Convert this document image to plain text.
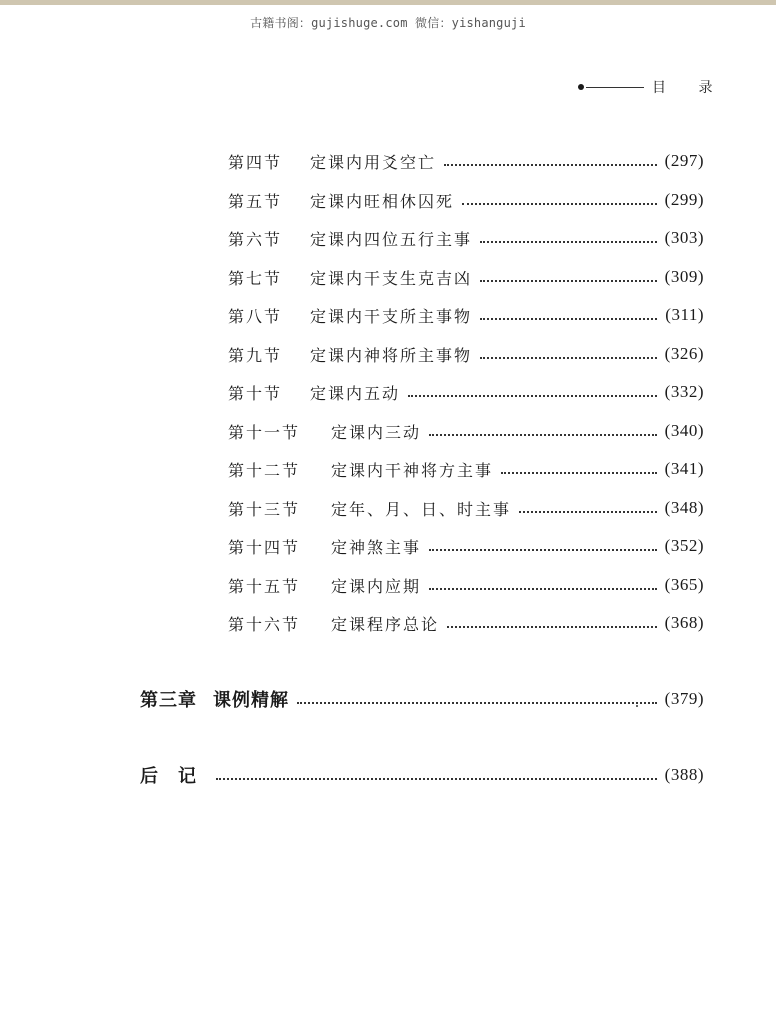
古籍书阁：gujishuge.com 微信：yishanguji
目 录
第四节 定课内用爻空亡	(297)
第五节 定课内旺相休囚死	(299)
第六节 定课内四位五行主事	(303)
第七节 定课内干支生克吉凶	(309)
第八节 定课内干支所主事物	(311)
第九节 定课内神将所主事物	(326)
第十节 定课内五动	(332)
第十一节 定课内三动	(340)
第十二节 定课内干神将方主事	(341)
第十三节 定年、月、日、时主事	(348)
第十四节 定神煞主事	(352)
第十五节 定课内应期	(365)
第十六节 定课程序总论	(368)
第三章 课例精解	(379)
后记	(388)
